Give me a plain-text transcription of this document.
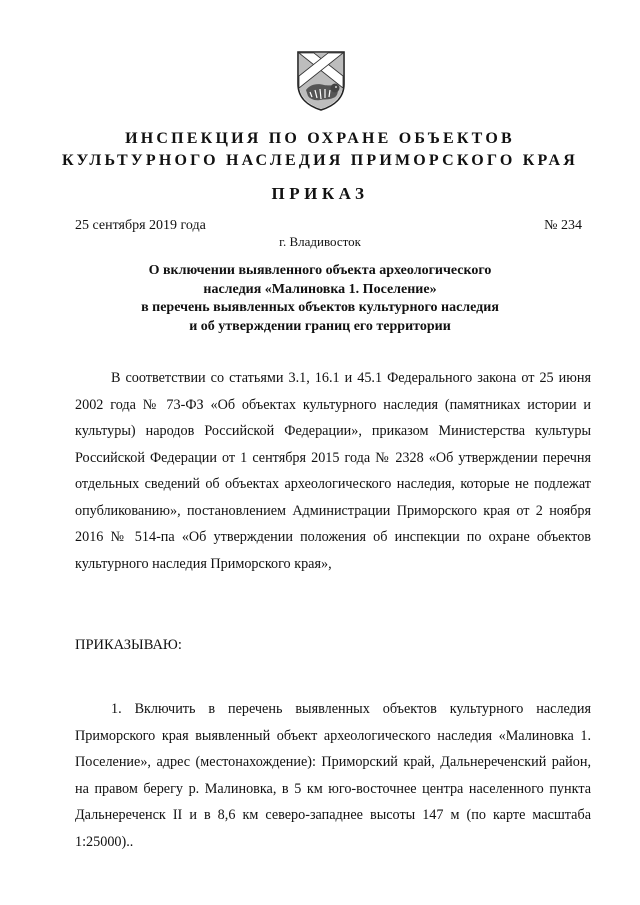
ИНСПЕКЦИЯ ПО ОХРАНЕ ОБЪЕКТОВ
КУЛЬТУРНОГО НАСЛЕДИЯ ПРИМОРСКОГО КРАЯ
ПРИКАЗ
25 сентября 2019 года	№ 234
г. Владивосток
О включении выявленного объекта археологического
наследия «Малиновка 1. Поселение»
в перечень выявленных объектов культурного наследия
и об утверждении границ его территории
В соответствии со статьями 3.1, 16.1 и 45.1 Федерального закона от 25 июня 2002 года № 73-ФЗ «Об объектах культурного наследия (памятниках истории и культуры) народов Российской Федерации», приказом Министерства культуры Российской Федерации от 1 сентября 2015 года № 2328 «Об утверждении перечня отдельных сведений об объектах археологического наследия, которые не подлежат опубликованию», постановлением Администрации Приморского края от 2 ноября 2016 № 514-па «Об утверждении положения об инспекции по охране объектов культурного наследия Приморского края»,
ПРИКАЗЫВАЮ:
1. Включить в перечень выявленных объектов культурного наследия Приморского края выявленный объект археологического наследия «Малиновка 1. Поселение», адрес (местонахождение): Приморский край, Дальнереченский район, на правом берегу р. Малиновка, в 5 км юго-восточнее центра населенного пункта Дальнереченск II и в 8,6 км северо-западнее высоты 147 м (по карте масштаба 1:25000)..
